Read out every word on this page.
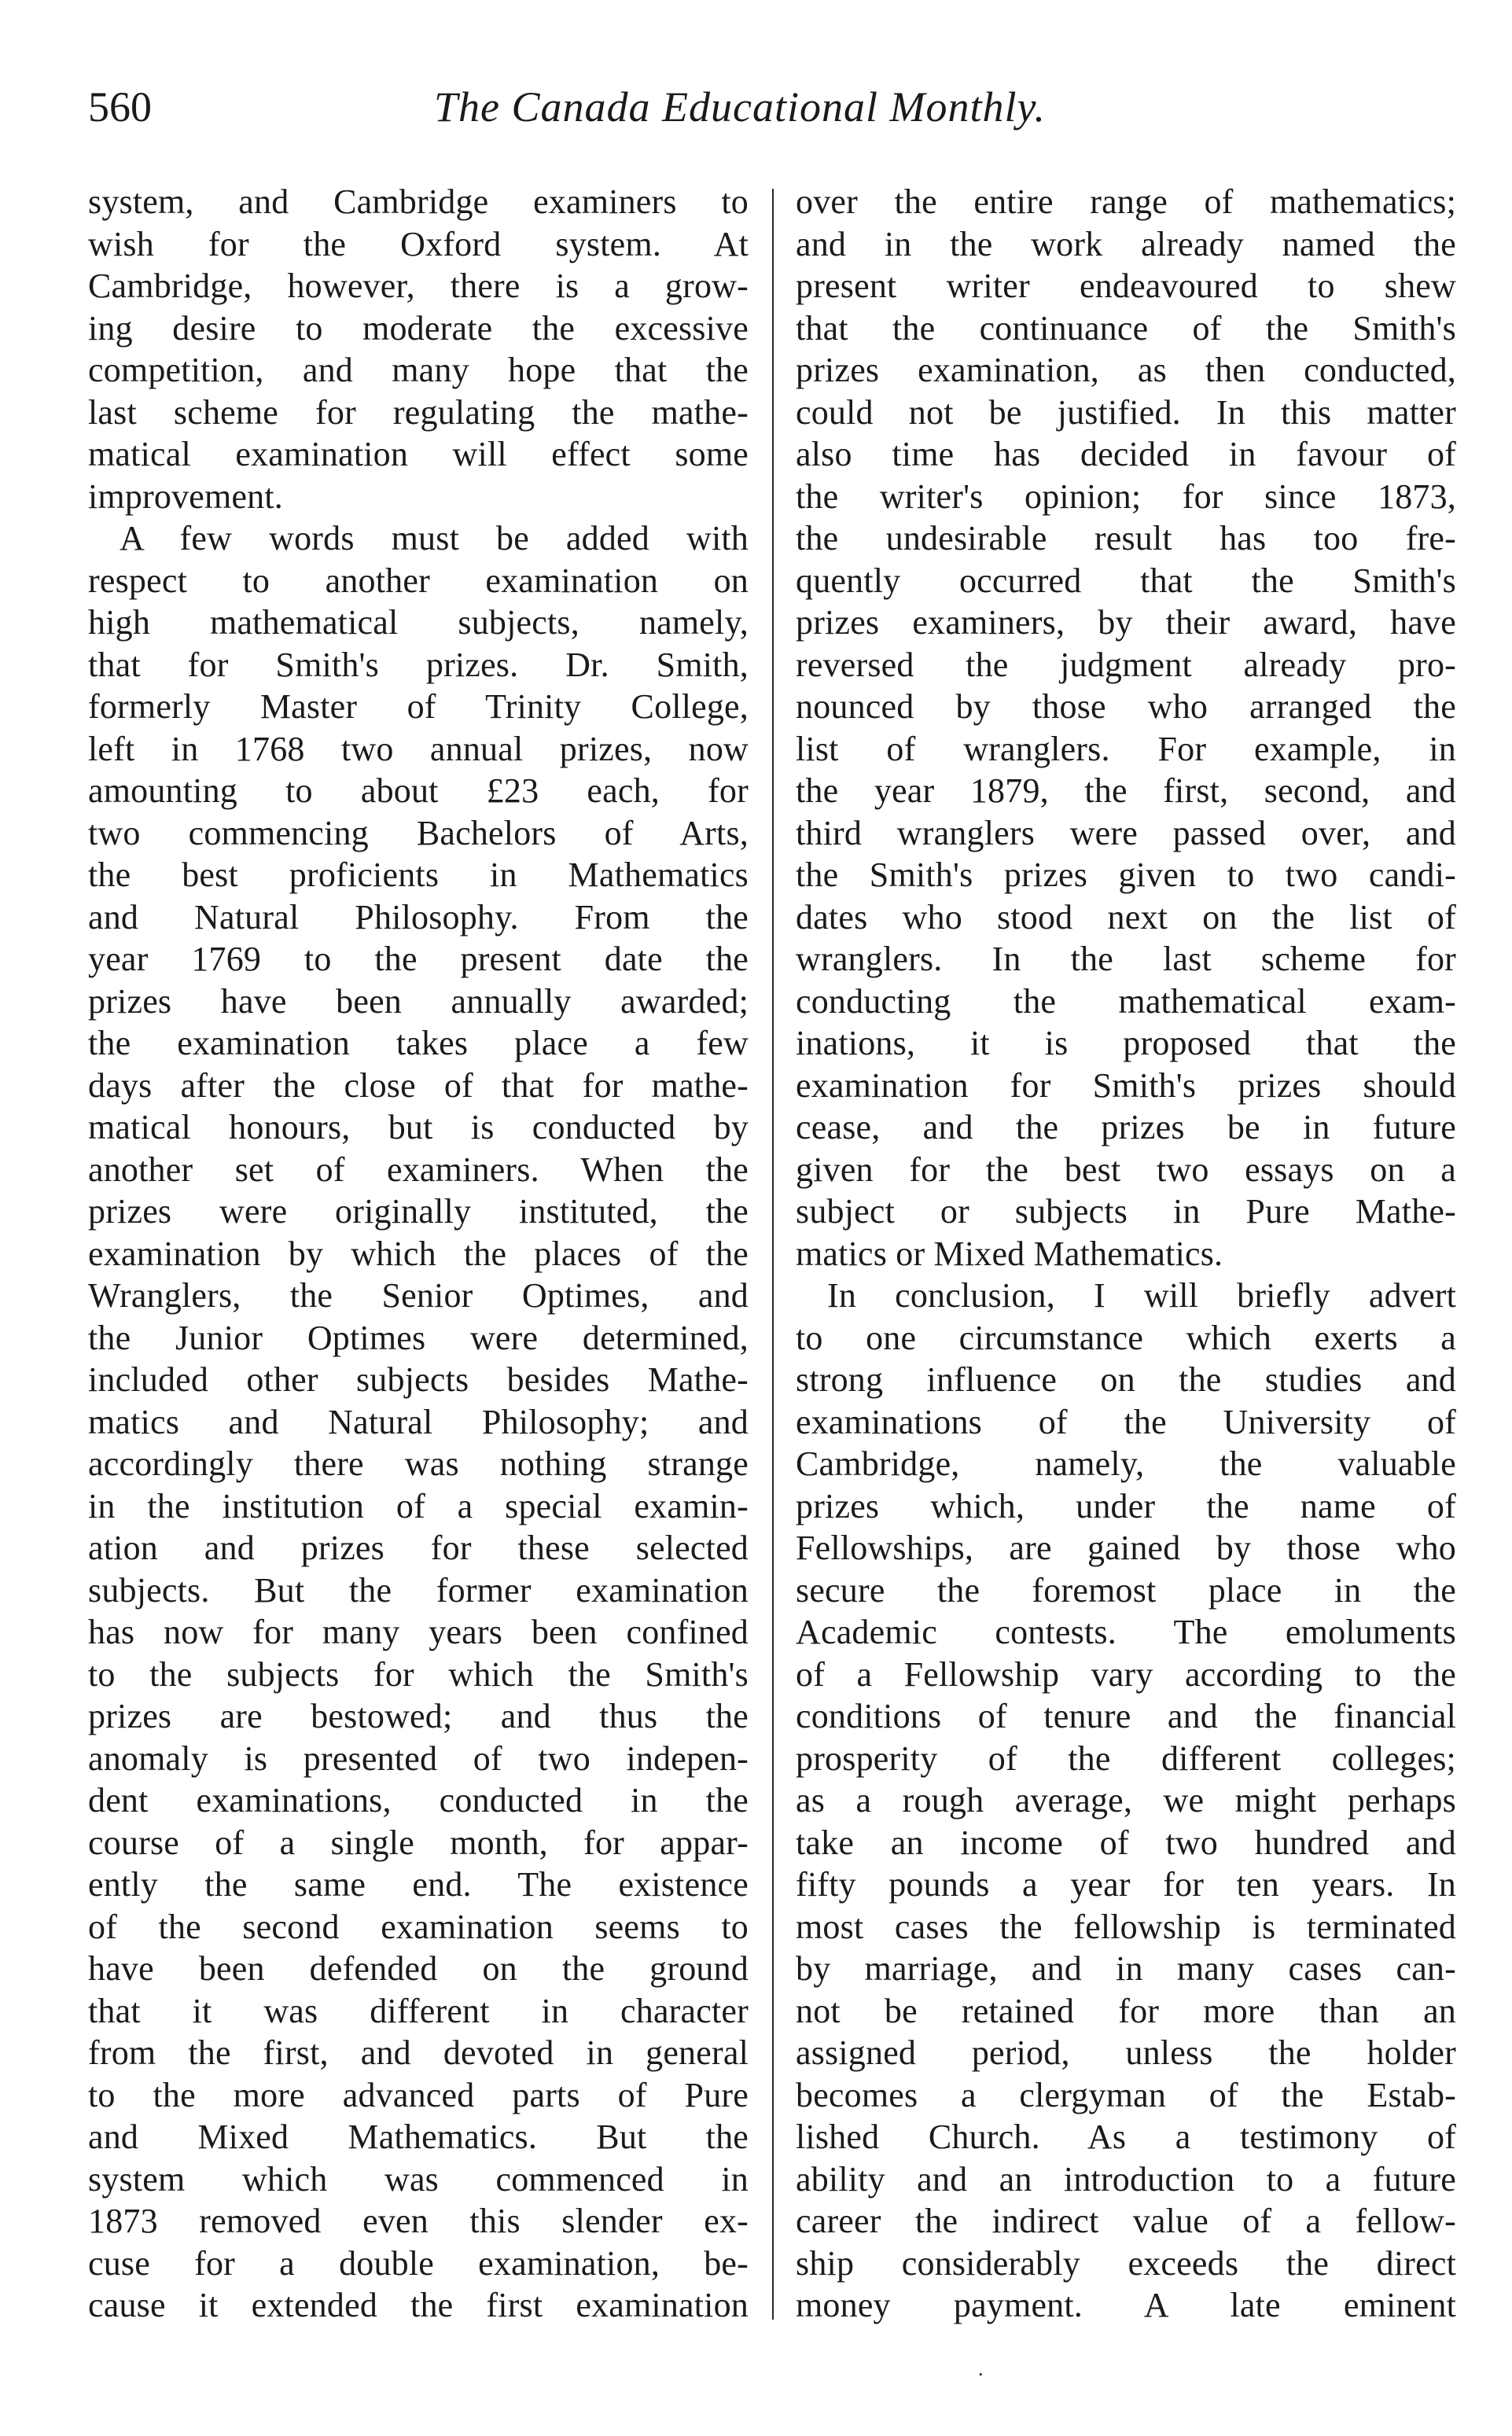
560	The Canada Educational Monthly.
system, and Cambridge examiners to
wish for the Oxford system. At
Cambridge, however, there is a grow-
ing desire to moderate the excessive
competition, and many hope that the
last scheme for regulating the mathe-
matical examination will effect some
improvement.
A few words must be added with
respect to another examination on
high mathematical subjects, namely,
that for Smith's prizes. Dr. Smith,
formerly Master of Trinity College,
left in 1768 two annual prizes, now
amounting to about £23 each, for
two commencing Bachelors of Arts,
the best proficients in Mathematics
and Natural Philosophy. From the
year 1769 to the present date the
prizes have been annually awarded;
the examination takes place a few
days after the close of that for mathe-
matical honours, but is conducted by
another set of examiners. When the
prizes were originally instituted, the
examination by which the places of the
Wranglers, the Senior Optimes, and
the Junior Optimes were determined,
included other subjects besides Mathe-
matics and Natural Philosophy; and
accordingly there was nothing strange
in the institution of a special examin-
ation and prizes for these selected
subjects. But the former examination
has now for many years been confined
to the subjects for which the Smith's
prizes are bestowed; and thus the
anomaly is presented of two indepen-
dent examinations, conducted in the
course of a single month, for appar-
ently the same end. The existence
of the second examination seems to
have been defended on the ground
that it was different in character
from the first, and devoted in general
to the more advanced parts of Pure
and Mixed Mathematics. But the
system which was commenced in
1873 removed even this slender ex-
cuse for a double examination, be-
cause it extended the first examination
over the entire range of mathematics;
and in the work already named the
present writer endeavoured to shew
that the continuance of the Smith's
prizes examination, as then conducted,
could not be justified. In this matter
also time has decided in favour of
the writer's opinion; for since 1873,
the undesirable result has too fre-
quently occurred that the Smith's
prizes examiners, by their award, have
reversed the judgment already pro-
nounced by those who arranged the
list of wranglers. For example, in
the year 1879, the first, second, and
third wranglers were passed over, and
the Smith's prizes given to two candi-
dates who stood next on the list of
wranglers. In the last scheme for
conducting the mathematical exam-
inations, it is proposed that the
examination for Smith's prizes should
cease, and the prizes be in future
given for the best two essays on a
subject or subjects in Pure Mathe-
matics or Mixed Mathematics.
In conclusion, I will briefly advert
to one circumstance which exerts a
strong influence on the studies and
examinations of the University of
Cambridge, namely, the valuable
prizes which, under the name of
Fellowships, are gained by those who
secure the foremost place in the
Academic contests. The emoluments
of a Fellowship vary according to the
conditions of tenure and the financial
prosperity of the different colleges;
as a rough average, we might perhaps
take an income of two hundred and
fifty pounds a year for ten years. In
most cases the fellowship is terminated
by marriage, and in many cases can-
not be retained for more than an
assigned period, unless the holder
becomes a clergyman of the Estab-
lished Church. As a testimony of
ability and an introduction to a future
career the indirect value of a fellow-
ship considerably exceeds the direct
money payment. A late eminent
.
